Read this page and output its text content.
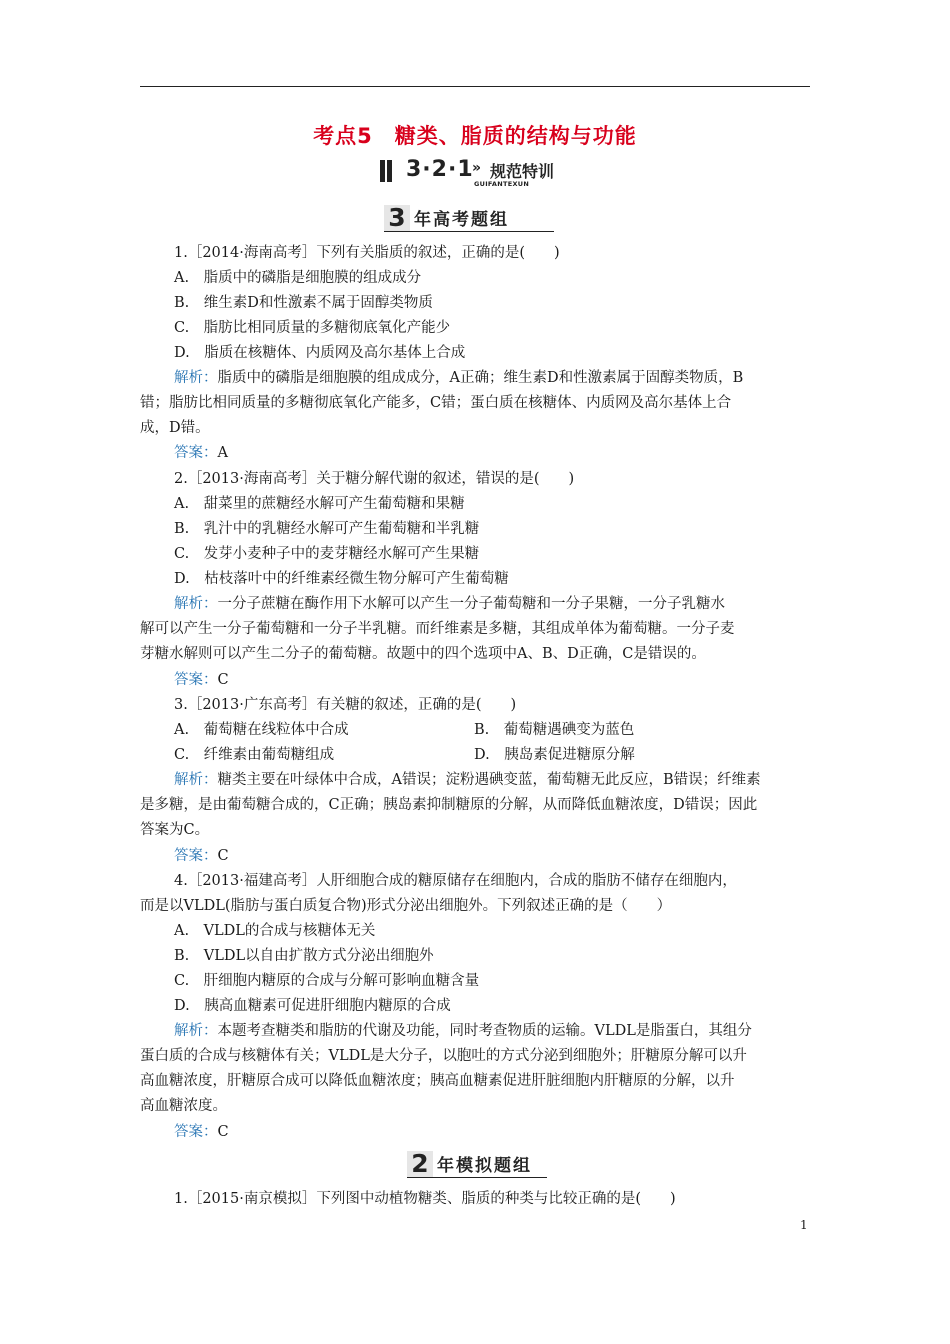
考点5　糖类、脂质的结构与功能
3·2·1
» 规范特训
GUIFANTEXUN
3 年高考题组
1.［2014·海南高考］下列有关脂质的叙述，正确的是(　　)
A.　脂质中的磷脂是细胞膜的组成成分
B.　维生素D和性激素不属于固醇类物质
C.　脂肪比相同质量的多糖彻底氧化产能少
D.　脂质在核糖体、内质网及高尔基体上合成
解析：脂质中的磷脂是细胞膜的组成成分，A正确；维生素D和性激素属于固醇类物质，B
错；脂肪比相同质量的多糖彻底氧化产能多，C错；蛋白质在核糖体、内质网及高尔基体上合
成，D错。
答案：A
2.［2013·海南高考］关于糖分解代谢的叙述，错误的是(　　)
A.　甜菜里的蔗糖经水解可产生葡萄糖和果糖
B.　乳汁中的乳糖经水解可产生葡萄糖和半乳糖
C.　发芽小麦种子中的麦芽糖经水解可产生果糖
D.　枯枝落叶中的纤维素经微生物分解可产生葡萄糖
解析：一分子蔗糖在酶作用下水解可以产生一分子葡萄糖和一分子果糖，一分子乳糖水
解可以产生一分子葡萄糖和一分子半乳糖。而纤维素是多糖，其组成单体为葡萄糖。一分子麦
芽糖水解则可以产生二分子的葡萄糖。故题中的四个选项中A、B、D正确，C是错误的。
答案：C
3.［2013·广东高考］有关糖的叙述，正确的是(　　)
A.　葡萄糖在线粒体中合成	B.　葡萄糖遇碘变为蓝色
C.　纤维素由葡萄糖组成	D.　胰岛素促进糖原分解
解析：糖类主要在叶绿体中合成，A错误；淀粉遇碘变蓝，葡萄糖无此反应，B错误；纤维素
是多糖，是由葡萄糖合成的，C正确；胰岛素抑制糖原的分解，从而降低血糖浓度，D错误；因此
答案为C。
答案：C
4.［2013·福建高考］人肝细胞合成的糖原储存在细胞内，合成的脂肪不储存在细胞内，
而是以VLDL(脂肪与蛋白质复合物)形式分泌出细胞外。下列叙述正确的是（　　）
A.　VLDL的合成与核糖体无关
B.　VLDL以自由扩散方式分泌出细胞外
C.　肝细胞内糖原的合成与分解可影响血糖含量
D.　胰高血糖素可促进肝细胞内糖原的合成
解析：本题考查糖类和脂肪的代谢及功能，同时考查物质的运输。VLDL是脂蛋白，其组分
蛋白质的合成与核糖体有关；VLDL是大分子，以胞吐的方式分泌到细胞外；肝糖原分解可以升
高血糖浓度，肝糖原合成可以降低血糖浓度；胰高血糖素促进肝脏细胞内肝糖原的分解，以升
高血糖浓度。
答案：C
2 年模拟题组
1.［2015·南京模拟］下列图中动植物糖类、脂质的种类与比较正确的是(　　)
1
